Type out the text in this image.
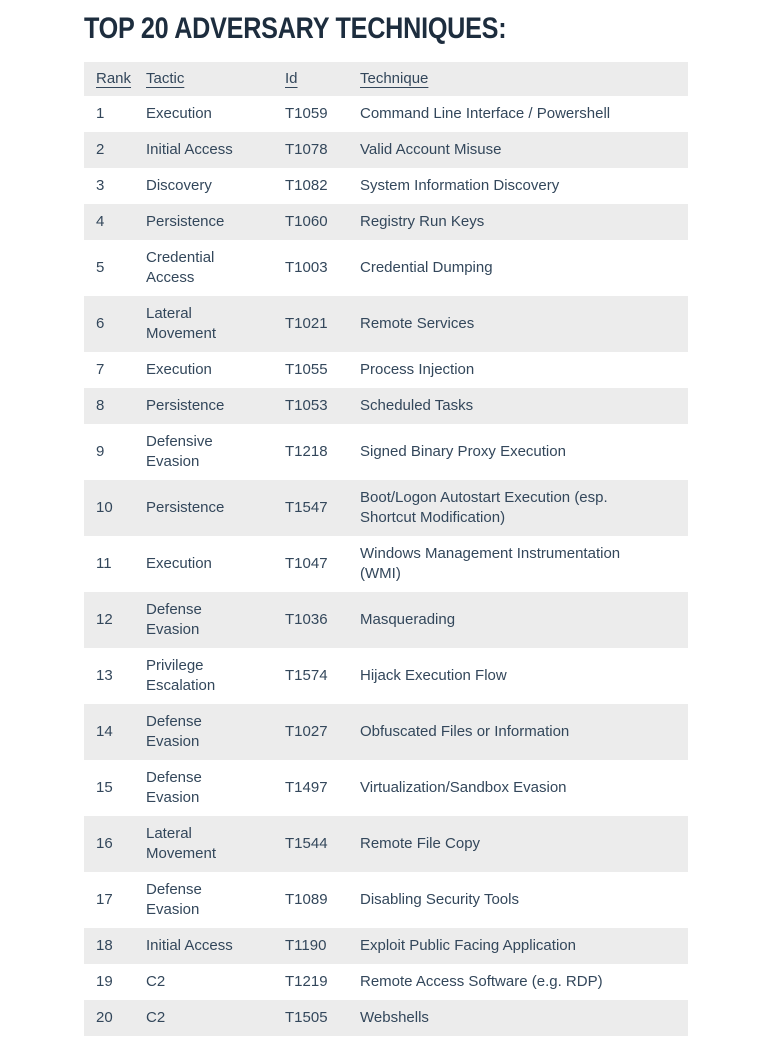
TOP 20 ADVERSARY TECHNIQUES:
Rank	Tactic	Id	Technique
1	Execution	T1059	Command Line Interface / Powershell
2	Initial Access	T1078	Valid Account Misuse
3	Discovery	T1082	System Information Discovery
4	Persistence	T1060	Registry Run Keys
5	Credential Access	T1003	Credential Dumping
6	Lateral Movement	T1021	Remote Services
7	Execution	T1055	Process Injection
8	Persistence	T1053	Scheduled Tasks
9	Defensive Evasion	T1218	Signed Binary Proxy Execution
10	Persistence	T1547	Boot/Logon Autostart Execution (esp. Shortcut Modification)
11	Execution	T1047	Windows Management Instrumentation (WMI)
12	Defense Evasion	T1036	Masquerading
13	Privilege Escalation	T1574	Hijack Execution Flow
14	Defense Evasion	T1027	Obfuscated Files or Information
15	Defense Evasion	T1497	Virtualization/Sandbox Evasion
16	Lateral Movement	T1544	Remote File Copy
17	Defense Evasion	T1089	Disabling Security Tools
18	Initial Access	T1190	Exploit Public Facing Application
19	C2	T1219	Remote Access Software (e.g. RDP)
20	C2	T1505	Webshells
